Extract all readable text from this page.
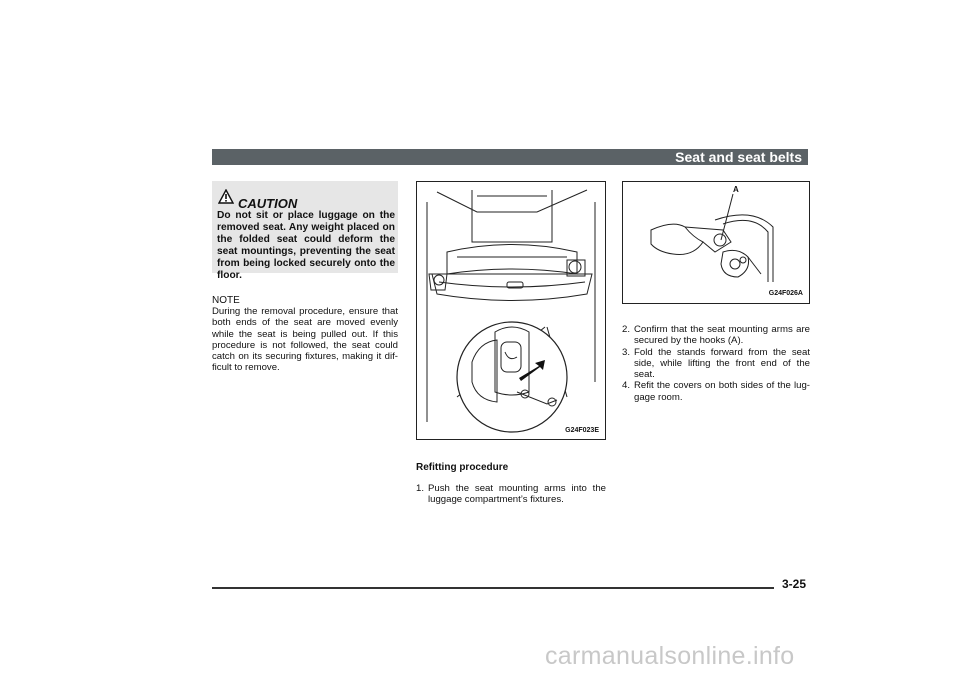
Seat and seat belts
CAUTION
Do not sit or place luggage on the removed seat. Any weight placed on the folded seat could deform the seat mountings, preventing the seat from being locked securely onto the floor.
NOTE
During the removal procedure, ensure that both ends of the seat are moved evenly while the seat is being pulled out. If this procedure is not followed, the seat could catch on its securing fixtures, making it dif- ficult to remove.
G24F023E
A
G24F026A
Refitting procedure
1. Push the seat mounting arms into the luggage compartment’s fixtures.
2. Confirm that the seat mounting arms are secured by the hooks (A).
3. Fold the stands forward from the seat side, while lifting the front end of the seat.
4. Refit the covers on both sides of the lug- gage room.
3-25
carmanualsonline.info
